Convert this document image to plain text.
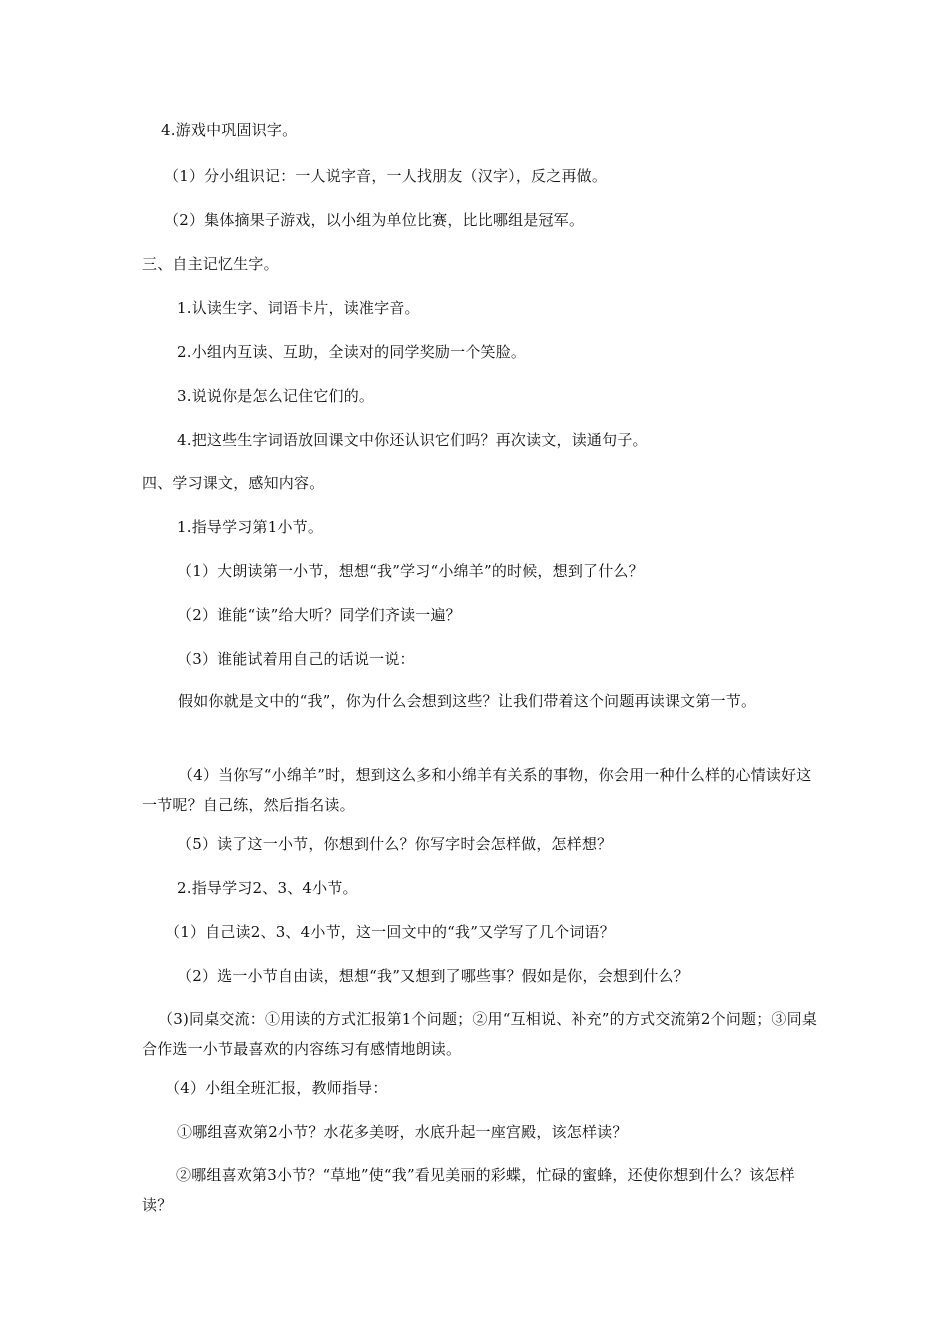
4.游戏中巩固识字。
（1）分小组识记：一人说字音，一人找朋友（汉字），反之再做。
（2）集体摘果子游戏，以小组为单位比赛，比比哪组是冠军。
三、自主记忆生字。
1.认读生字、词语卡片，读准字音。
2.小组内互读、互助，全读对的同学奖励一个笑脸。
3.说说你是怎么记住它们的。
4.把这些生字词语放回课文中你还认识它们吗？再次读文，读通句子。
四、学习课文，感知内容。
1.指导学习第1小节。
（1）大朗读第一小节，想想“我”学习“小绵羊”的时候，想到了什么？
（2）谁能“读”给大听？同学们齐读一遍？
（3）谁能试着用自己的话说一说：
假如你就是文中的“我”，你为什么会想到这些？让我们带着这个问题再读课文第一节。
（4）当你写“小绵羊”时，想到这么多和小绵羊有关系的事物，你会用一种什么样的心情读好这一节呢？自己练，然后指名读。
（5）读了这一小节，你想到什么？你写字时会怎样做，怎样想？
2.指导学习2、3、4小节。
（1）自己读2、3、4小节，这一回文中的“我”又学写了几个词语？
（2）选一小节自由读，想想“我”又想到了哪些事？假如是你，会想到什么？
（3)同桌交流：①用读的方式汇报第1个问题；②用“互相说、补充”的方式交流第2个问题；③同桌合作选一小节最喜欢的内容练习有感情地朗读。
（4）小组全班汇报，教师指导：
①哪组喜欢第2小节？水花多美呀，水底升起一座宫殿，该怎样读？
②哪组喜欢第3小节？“草地”使“我”看见美丽的彩蝶，忙碌的蜜蜂，还使你想到什么？该怎样读？
